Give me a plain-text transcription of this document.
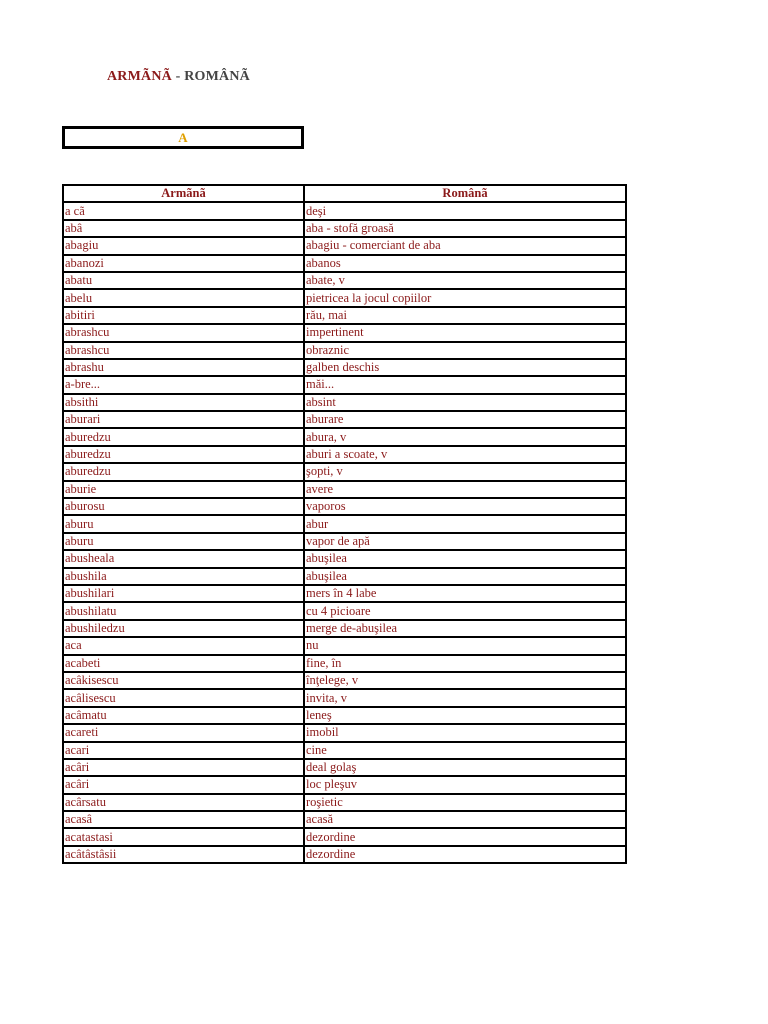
ARMÃNÃ - ROMÂNÃ
A
Armãnã	Românã
a cã	deşi
abâ	aba - stofă groasă
abagiu	abagiu - comerciant de aba
abanozi	abanos
abatu	abate, v
abelu	pietricea la jocul copiilor
abitiri	rău, mai
abrashcu	impertinent
abrashcu	obraznic
abrashu	galben deschis
a-bre...	măi...
absithi	absint
aburari	aburare
aburedzu	abura, v
aburedzu	aburi a scoate, v
aburedzu	şopti, v
aburie	avere
aburosu	vaporos
aburu	abur
aburu	vapor de apă
abusheala	abuşilea
abushila	abuşilea
abushilari	mers în 4 labe
abushilatu	cu 4 picioare
abushiledzu	merge de-abuşilea
aca	nu
acabeti	fine, în
acâkisescu	înţelege, v
acâlisescu	invita, v
acâmatu	leneş
acareti	imobil
acari	cine
acâri	deal golaş
acâri	loc pleşuv
acârsatu	roşietic
acasâ	acasă
acatastasi	dezordine
acâtâstâsii	dezordine
